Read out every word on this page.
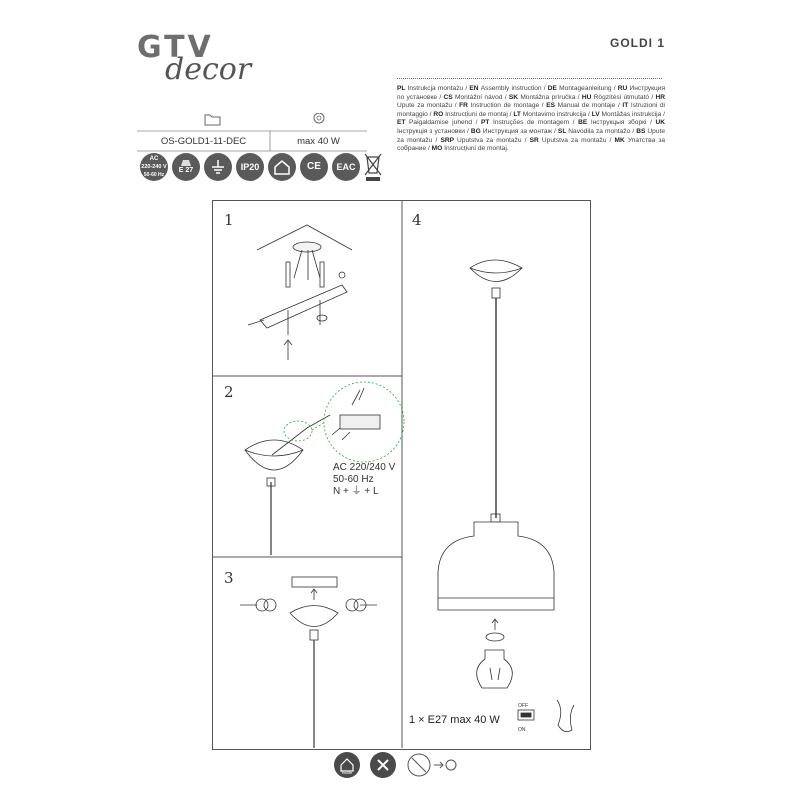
GTV
decor
GOLDI 1
PL Instrukcja montażu / EN Assembly instruction / DE Montageanleitung / RU Инструкция по установке / CS Montážní návod / SK Montážna príručka / HU Rögzítési útmutató / HR Upute za montažu / FR Instruction de montage / ES Manual de montaje / IT Istruzioni di montaggio / RO Instrucțiuni de montaj / LT Montavimo instrukcija / LV Montāžas instrukcija / ET Paigaldamise juhend / PT Instruções de montagem / BE Інструкцыя зборкі / UK Інструкція з установки / BG Инструкция за монтаж / SL Navodila za montažo / BS Upute za montažu / SRP Uputstva za montažu / SR Uputstva za montažu / MK Упатства за собрание / MO Instrucțiuni de montaj.
OS-GOLD1-11-DEC	max 40 W
AC
220-240 V
50-60 Hz
E 27	IP20	CE	EAC
1
2
3
4
AC 220/240 V
50-60 Hz
N + ⏚ + L
1 × E27 max 40 W
OFF
ON
inside
